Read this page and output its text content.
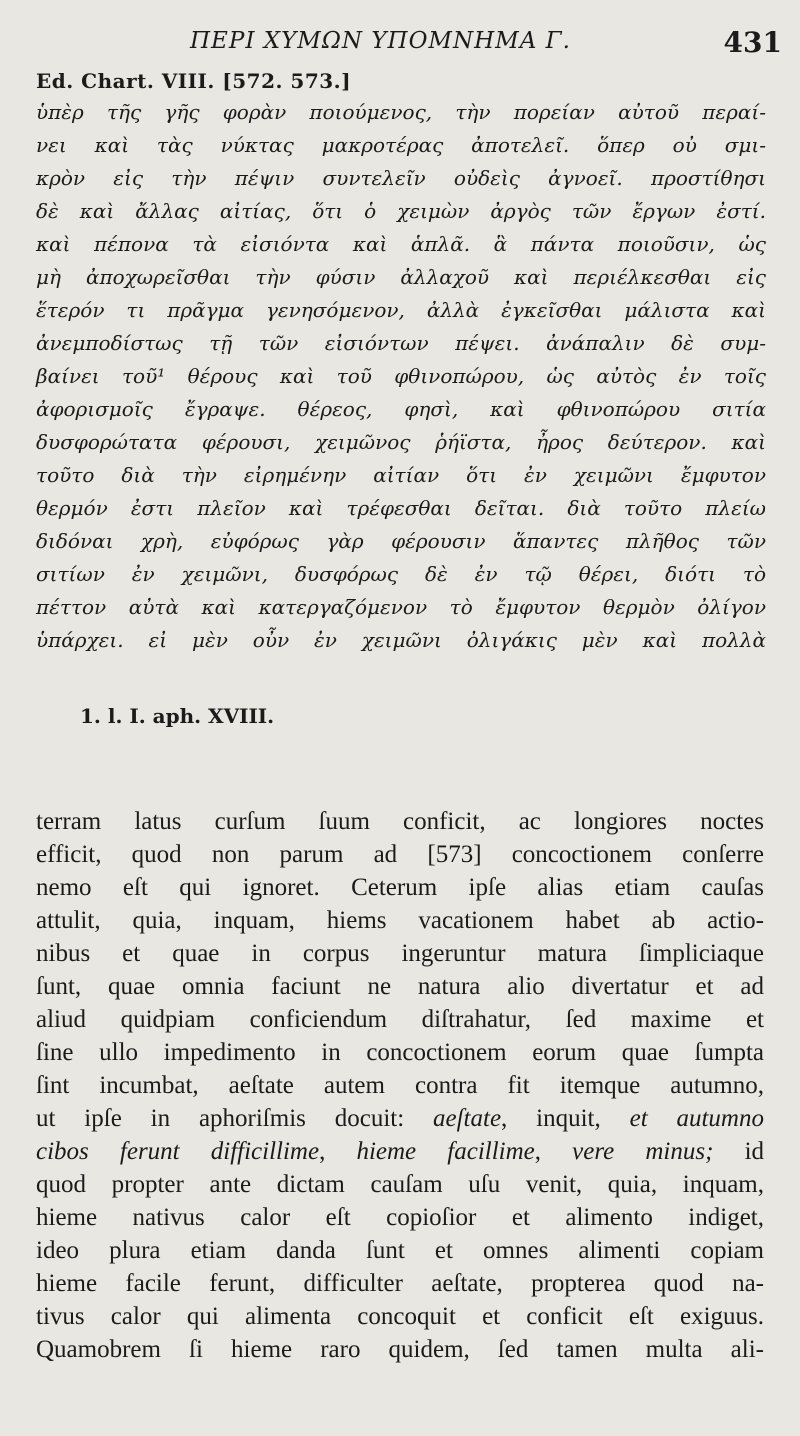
ΠΕΡΙ ΧΥΜΩΝ ΥΠΟΜΝΗΜΑ Γ.	431
Ed. Chart. VIII. [572. 573.]
ὑπὲρ τῆς γῆς φορὰν ποιούμενος, τὴν πορείαν αὐτοῦ περαί-
νει καὶ τὰς νύκτας μακροτέρας ἀποτελεῖ. ὅπερ οὐ σμι-
κρὸν εἰς τὴν πέψιν συντελεῖν οὐδεὶς ἀγνοεῖ. προστίθησι
δὲ καὶ ἄλλας αἰτίας, ὅτι ὁ χειμὼν ἀργὸς τῶν ἔργων ἐστί.
καὶ πέπονα τὰ εἰσιόντα καὶ ἁπλᾶ. ἃ πάντα ποιοῦσιν, ὡς
μὴ ἀποχωρεῖσθαι τὴν φύσιν ἀλλαχοῦ καὶ περιέλκεσθαι εἰς
ἕτερόν τι πρᾶγμα γενησόμενον, ἀλλὰ ἐγκεῖσθαι μάλιστα καὶ
ἀνεμποδίστως τῇ τῶν εἰσιόντων πέψει. ἀνάπαλιν δὲ συμ-
βαίνει τοῦ¹ θέρους καὶ τοῦ φθινοπώρου, ὡς αὐτὸς ἐν τοῖς
ἀφορισμοῖς ἔγραψε. θέρεος, φησὶ, καὶ φθινοπώρου σιτία
δυσφορώτατα φέρουσι, χειμῶνος ῥήϊστα, ἦρος δεύτερον. καὶ
τοῦτο διὰ τὴν εἰρημένην αἰτίαν ὅτι ἐν χειμῶνι ἔμφυτον
θερμόν ἐστι πλεῖον καὶ τρέφεσθαι δεῖται. διὰ τοῦτο πλείω
διδόναι χρὴ, εὐφόρως γὰρ φέρουσιν ἅπαντες πλῆθος τῶν
σιτίων ἐν χειμῶνι, δυσφόρως δὲ ἐν τῷ θέρει, διότι τὸ
πέττον αὐτὰ καὶ κατεργαζόμενον τὸ ἔμφυτον θερμὸν ὀλίγον
ὑπάρχει. εἰ μὲν οὖν ἐν χειμῶνι ὀλιγάκις μὲν καὶ πολλὰ
1. l. I. aph. XVIII.
terram latus curſum ſuum conficit, ac longiores noctes
efficit, quod non parum ad [573] concoctionem conſerre
nemo eſt qui ignoret. Ceterum ipſe alias etiam cauſas
attulit, quia, inquam, hiems vacationem habet ab actio-
nibus et quae in corpus ingeruntur matura ſimpliciaque
ſunt, quae omnia faciunt ne natura alio divertatur et ad
aliud quidpiam conficiendum diſtrahatur, ſed maxime et
ſine ullo impedimento in concoctionem eorum quae ſumpta
ſint incumbat, aeſtate autem contra fit itemque autumno,
ut ipſe in aphoriſmis docuit: aeſtate, inquit, et autumno
cibos ferunt difficillime, hieme facillime, vere minus; id
quod propter ante dictam cauſam uſu venit, quia, inquam,
hieme nativus calor eſt copioſior et alimento indiget,
ideo plura etiam danda ſunt et omnes alimenti copiam
hieme facile ferunt, difficulter aeſtate, propterea quod na-
tivus calor qui alimenta concoquit et conficit eſt exiguus.
Quamobrem ſi hieme raro quidem, ſed tamen multa ali-
